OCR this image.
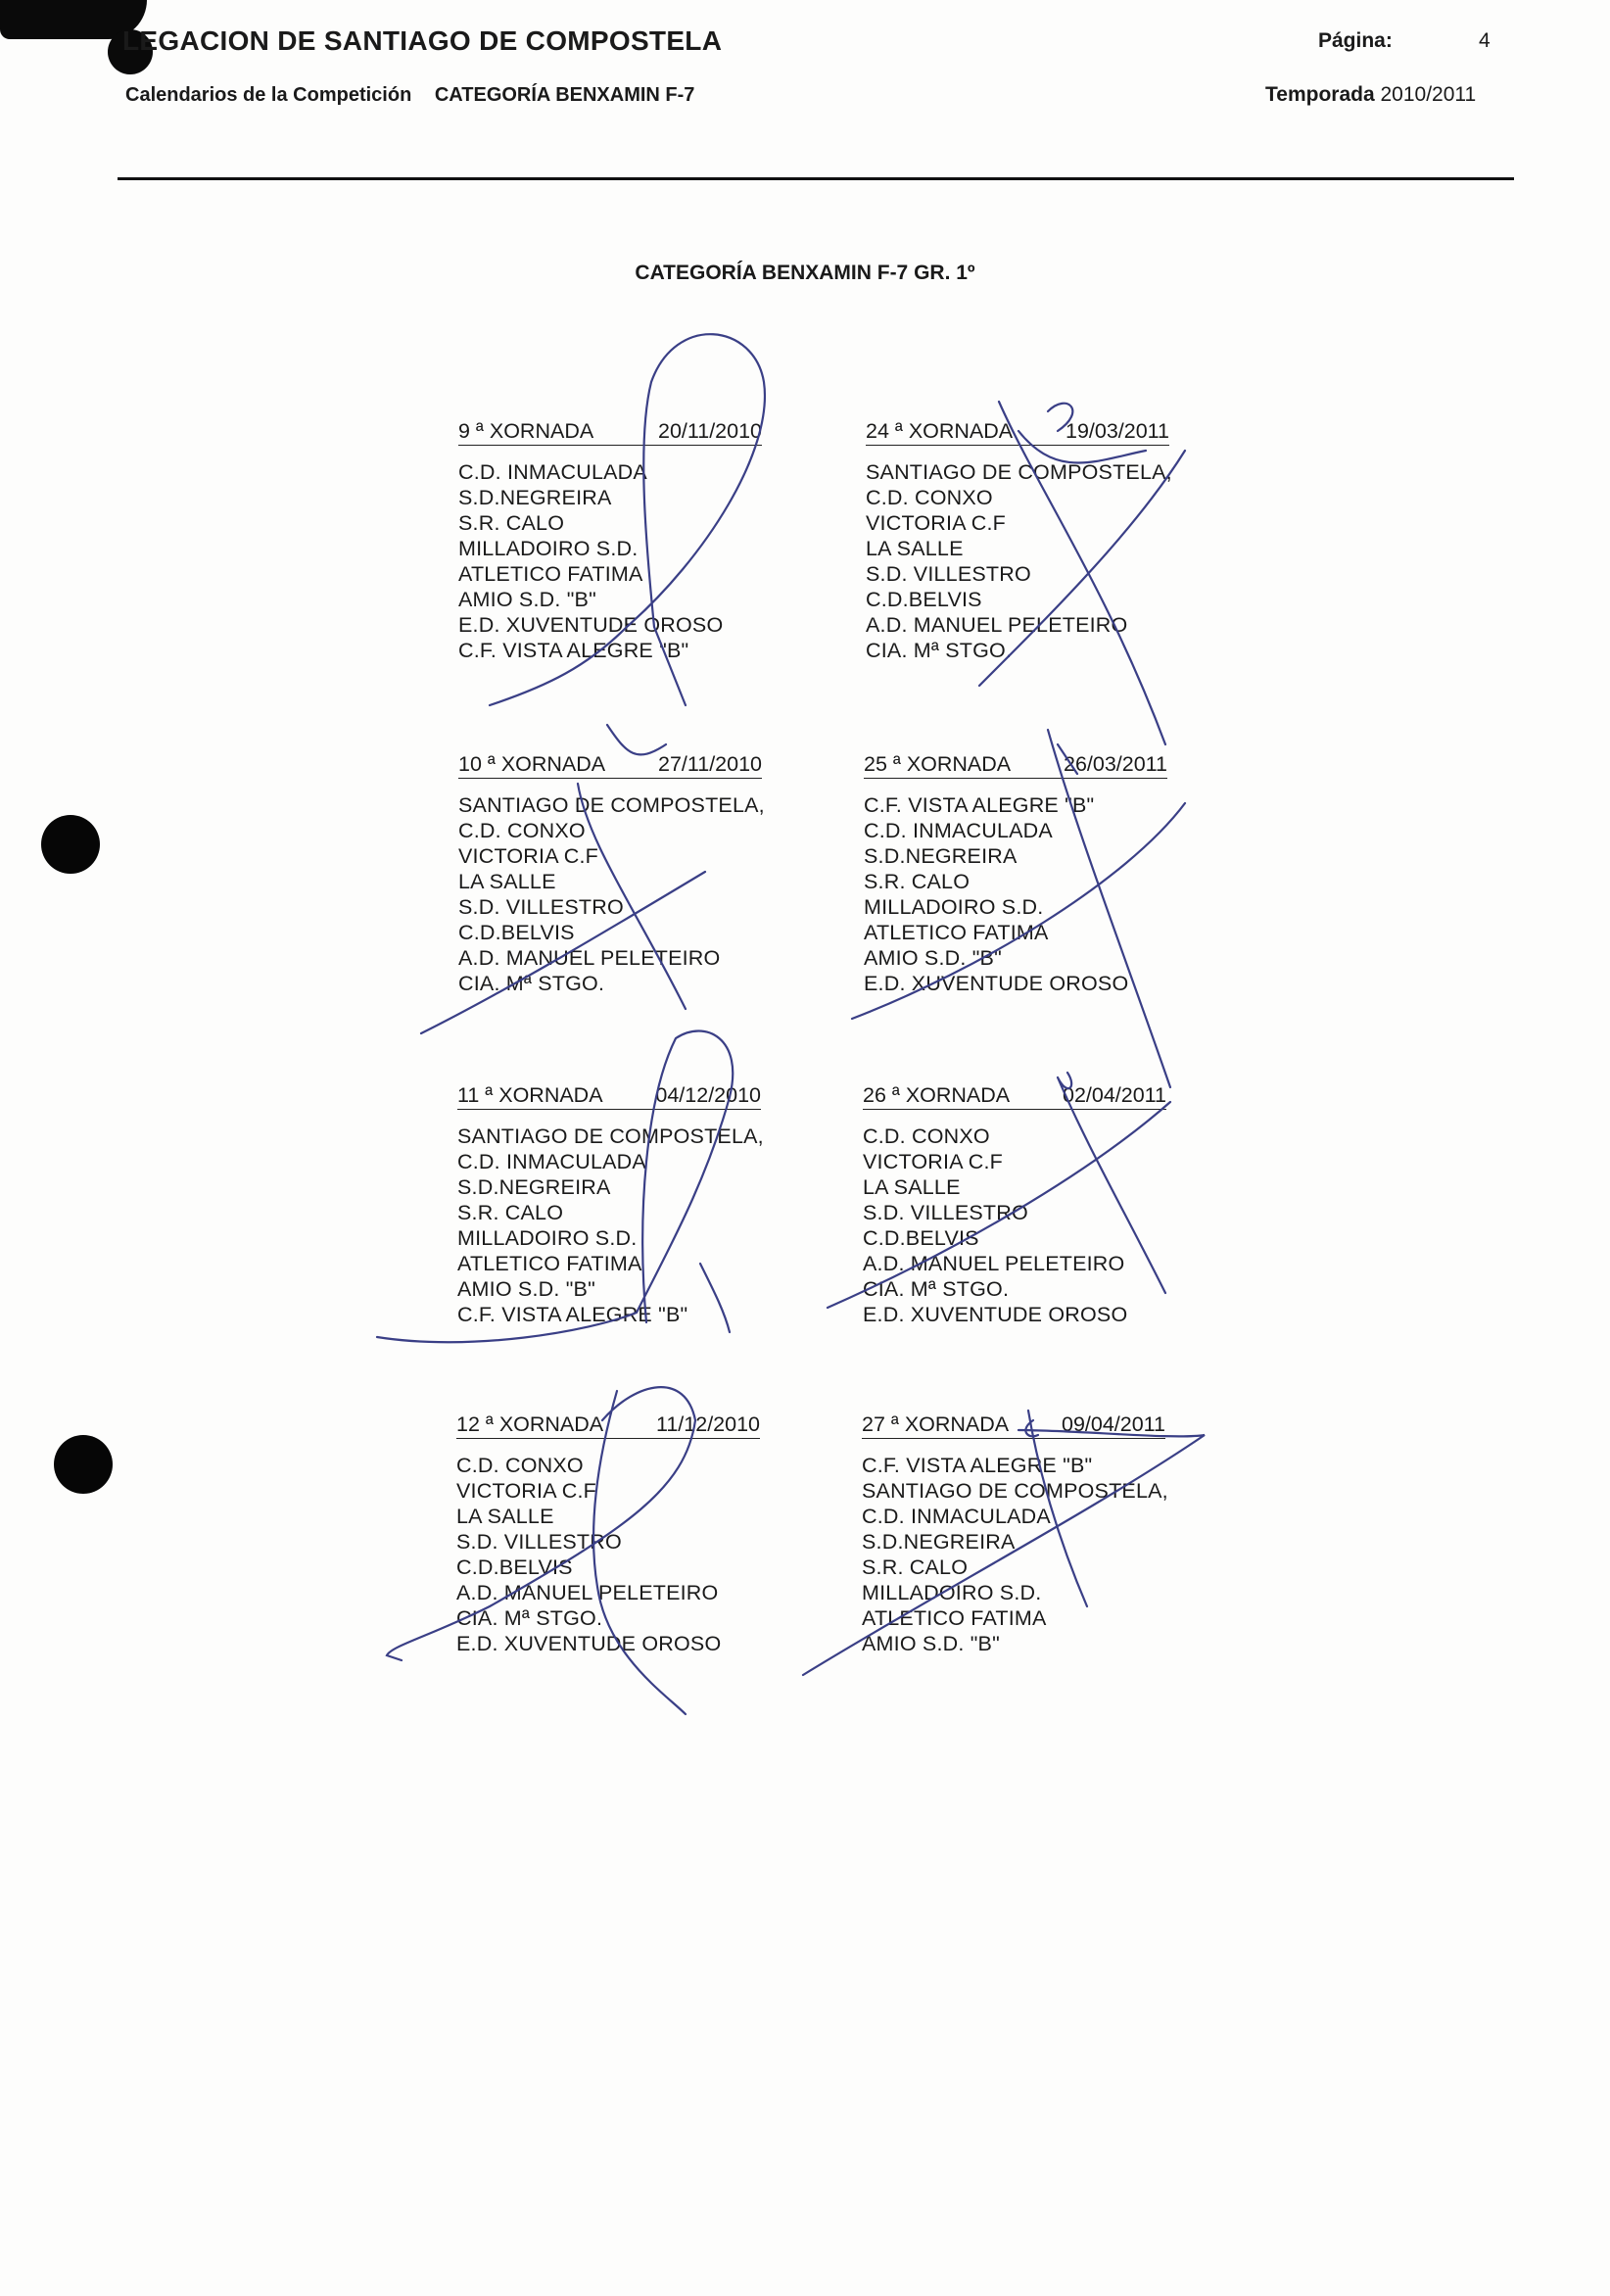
LEGACION DE SANTIAGO DE COMPOSTELA
Calendarios de la Competición CATEGORÍA BENXAMIN F-7
Página:	4
Temporada 2010/2011
CATEGORÍA BENXAMIN F-7 GR. 1º
9 ª XORNADA	20/11/2010
C.D. INMACULADA
S.D.NEGREIRA
S.R. CALO
MILLADOIRO S.D.
ATLETICO FATIMA
AMIO S.D. "B"
E.D. XUVENTUDE OROSO
C.F. VISTA ALEGRE "B"
24 ª XORNADA	19/03/2011
SANTIAGO DE COMPOSTELA,
C.D. CONXO
VICTORIA C.F
LA SALLE
S.D. VILLESTRO
C.D.BELVIS
A.D. MANUEL PELETEIRO
CIA. Mª STGO.
10 ª XORNADA	27/11/2010
SANTIAGO DE COMPOSTELA,
C.D. CONXO
VICTORIA C.F
LA SALLE
S.D. VILLESTRO
C.D.BELVIS
A.D. MANUEL PELETEIRO
CIA. Mª STGO.
25 ª XORNADA	26/03/2011
C.F. VISTA ALEGRE "B"
C.D. INMACULADA
S.D.NEGREIRA
S.R. CALO
MILLADOIRO S.D.
ATLETICO FATIMA
AMIO S.D. "B"
E.D. XUVENTUDE OROSO
11 ª XORNADA	04/12/2010
SANTIAGO DE COMPOSTELA,
C.D. INMACULADA
S.D.NEGREIRA
S.R. CALO
MILLADOIRO S.D.
ATLETICO FATIMA
AMIO S.D. "B"
C.F. VISTA ALEGRE "B"
26 ª XORNADA	02/04/2011
C.D. CONXO
VICTORIA C.F
LA SALLE
S.D. VILLESTRO
C.D.BELVIS
A.D. MANUEL PELETEIRO
CIA. Mª STGO.
E.D. XUVENTUDE OROSO
12 ª XORNADA	11/12/2010
C.D. CONXO
VICTORIA C.F
LA SALLE
S.D. VILLESTRO
C.D.BELVIS
A.D. MANUEL PELETEIRO
CIA. Mª STGO.
E.D. XUVENTUDE OROSO
27 ª XORNADA	09/04/2011
C.F. VISTA ALEGRE "B"
SANTIAGO DE COMPOSTELA,
C.D. INMACULADA
S.D.NEGREIRA
S.R. CALO
MILLADOIRO S.D.
ATLETICO FATIMA
AMIO S.D. "B"
